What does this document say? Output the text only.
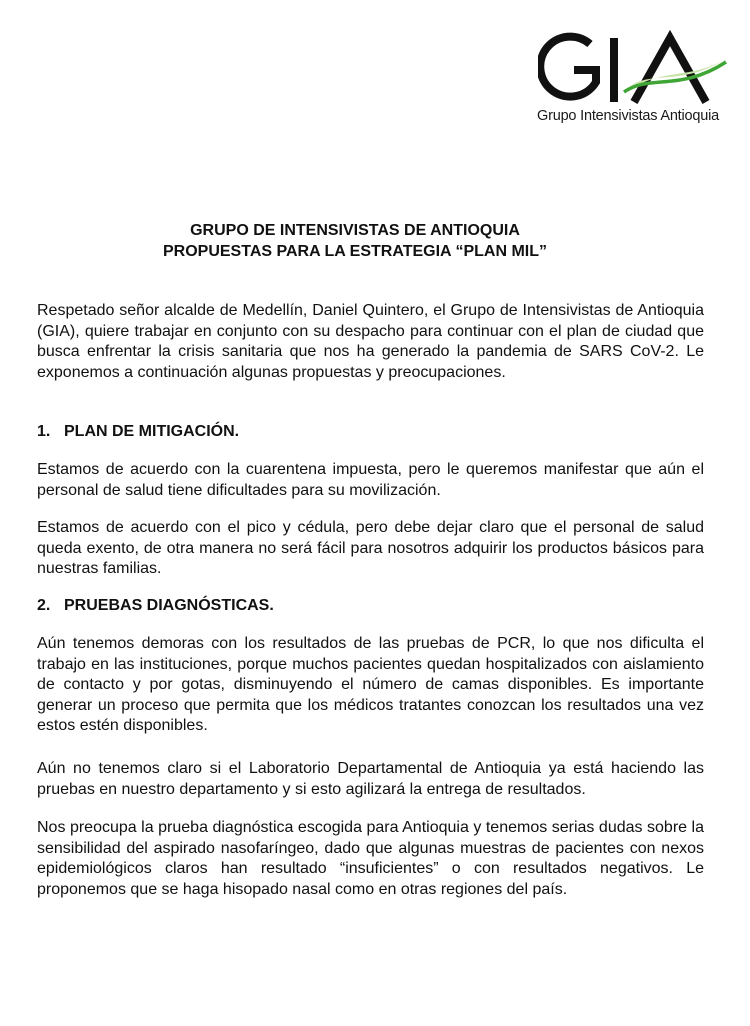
Grupo Intensivistas Antioquia
GRUPO DE INTENSIVISTAS DE ANTIOQUIA
PROPUESTAS PARA LA ESTRATEGIA “PLAN MIL”

Respetado señor alcalde de Medellín, Daniel Quintero, el Grupo de Intensivistas de Antioquia (GIA), quiere trabajar en conjunto con su despacho para continuar con el plan de ciudad que busca enfrentar la crisis sanitaria que nos ha generado la pandemia de SARS CoV-2. Le exponemos a continuación algunas propuestas y preocupaciones.

1. PLAN DE MITIGACIÓN.

Estamos de acuerdo con la cuarentena impuesta, pero le queremos manifestar que aún el personal de salud tiene dificultades para su movilización.

Estamos de acuerdo con el pico y cédula, pero debe dejar claro que el personal de salud queda exento, de otra manera no será fácil para nosotros adquirir los productos básicos para nuestras familias.

2. PRUEBAS DIAGNÓSTICAS.

Aún tenemos demoras con los resultados de las pruebas de PCR, lo que nos dificulta el trabajo en las instituciones, porque muchos pacientes quedan hospitalizados con aislamiento de contacto y por gotas, disminuyendo el número de camas disponibles. Es importante generar un proceso que permita que los médicos tratantes conozcan los resultados una vez estos estén disponibles.

Aún no tenemos claro si el Laboratorio Departamental de Antioquia ya está haciendo las pruebas en nuestro departamento y si esto agilizará la entrega de resultados.

Nos preocupa la prueba diagnóstica escogida para Antioquia y tenemos serias dudas sobre la sensibilidad del aspirado nasofaríngeo, dado que algunas muestras de pacientes con nexos epidemiológicos claros han resultado “insuficientes” o con resultados negativos. Le proponemos que se haga hisopado nasal como en otras regiones del país.
